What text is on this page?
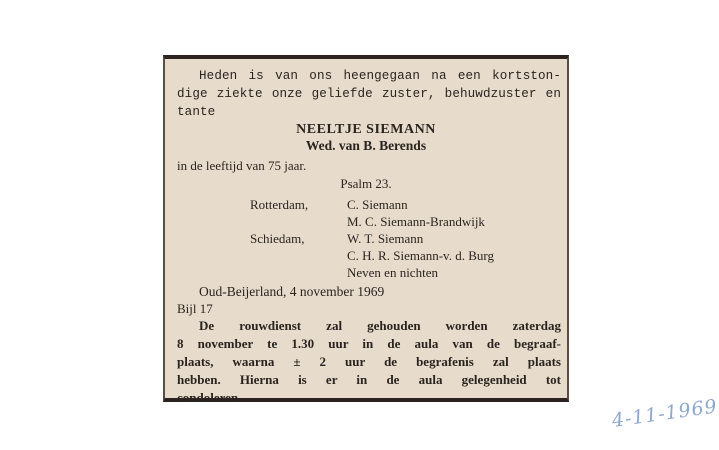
Heden is van ons heengegaan na een kortston-
dige ziekte onze geliefde zuster, behuwdzuster en
tante
NEELTJE SIEMANN
Wed. van B. Berends
in de leeftijd van 75 jaar.
Psalm 23.
Rotterdam,	C. Siemann
M. C. Siemann-Brandwijk
Schiedam,	W. T. Siemann
C. H. R. Siemann-v. d. Burg
Neven en nichten
Oud-Beijerland, 4 november 1969
Bijl 17
De rouwdienst zal gehouden worden zaterdag
8 november te 1.30 uur in de aula van de begraaf-
plaats, waarna ± 2 uur de begrafenis zal plaats
hebben. Hierna is er in de aula gelegenheid tot
condoleren.	4-11-1969
